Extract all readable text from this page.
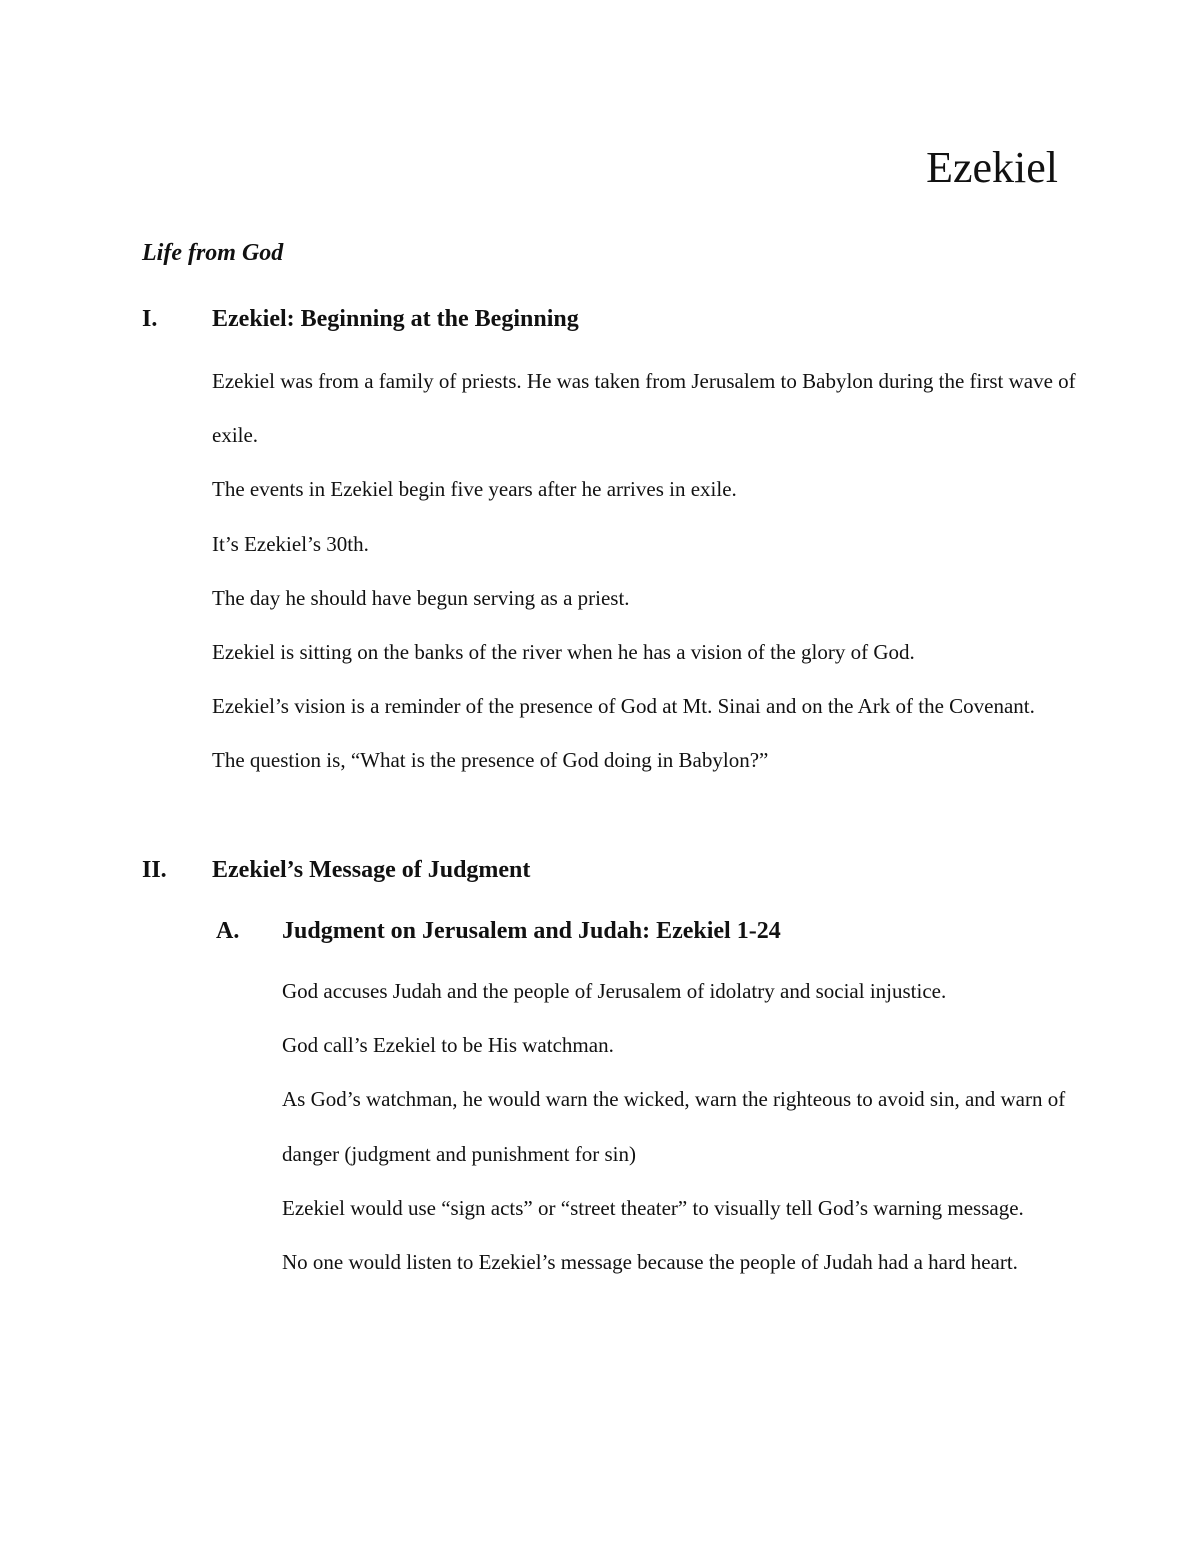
Ezekiel
Life from God
I. Ezekiel: Beginning at the Beginning

Ezekiel was from a family of priests. He was taken from Jerusalem to Babylon during the first wave of exile.

The events in Ezekiel begin five years after he arrives in exile.

It’s Ezekiel’s 30th.

The day he should have begun serving as a priest.

Ezekiel is sitting on the banks of the river when he has a vision of the glory of God.

Ezekiel’s vision is a reminder of the presence of God at Mt. Sinai and on the Ark of the Covenant.

The question is, “What is the presence of God doing in Babylon?”

II. Ezekiel’s Message of Judgment
A. Judgment on Jerusalem and Judah: Ezekiel 1-24

God accuses Judah and the people of Jerusalem of idolatry and social injustice.

God call’s Ezekiel to be His watchman.

As God’s watchman, he would warn the wicked, warn the righteous to avoid sin, and warn of danger (judgment and punishment for sin)

Ezekiel would use “sign acts” or “street theater” to visually tell God’s warning message.

No one would listen to Ezekiel’s message because the people of Judah had a hard heart.
